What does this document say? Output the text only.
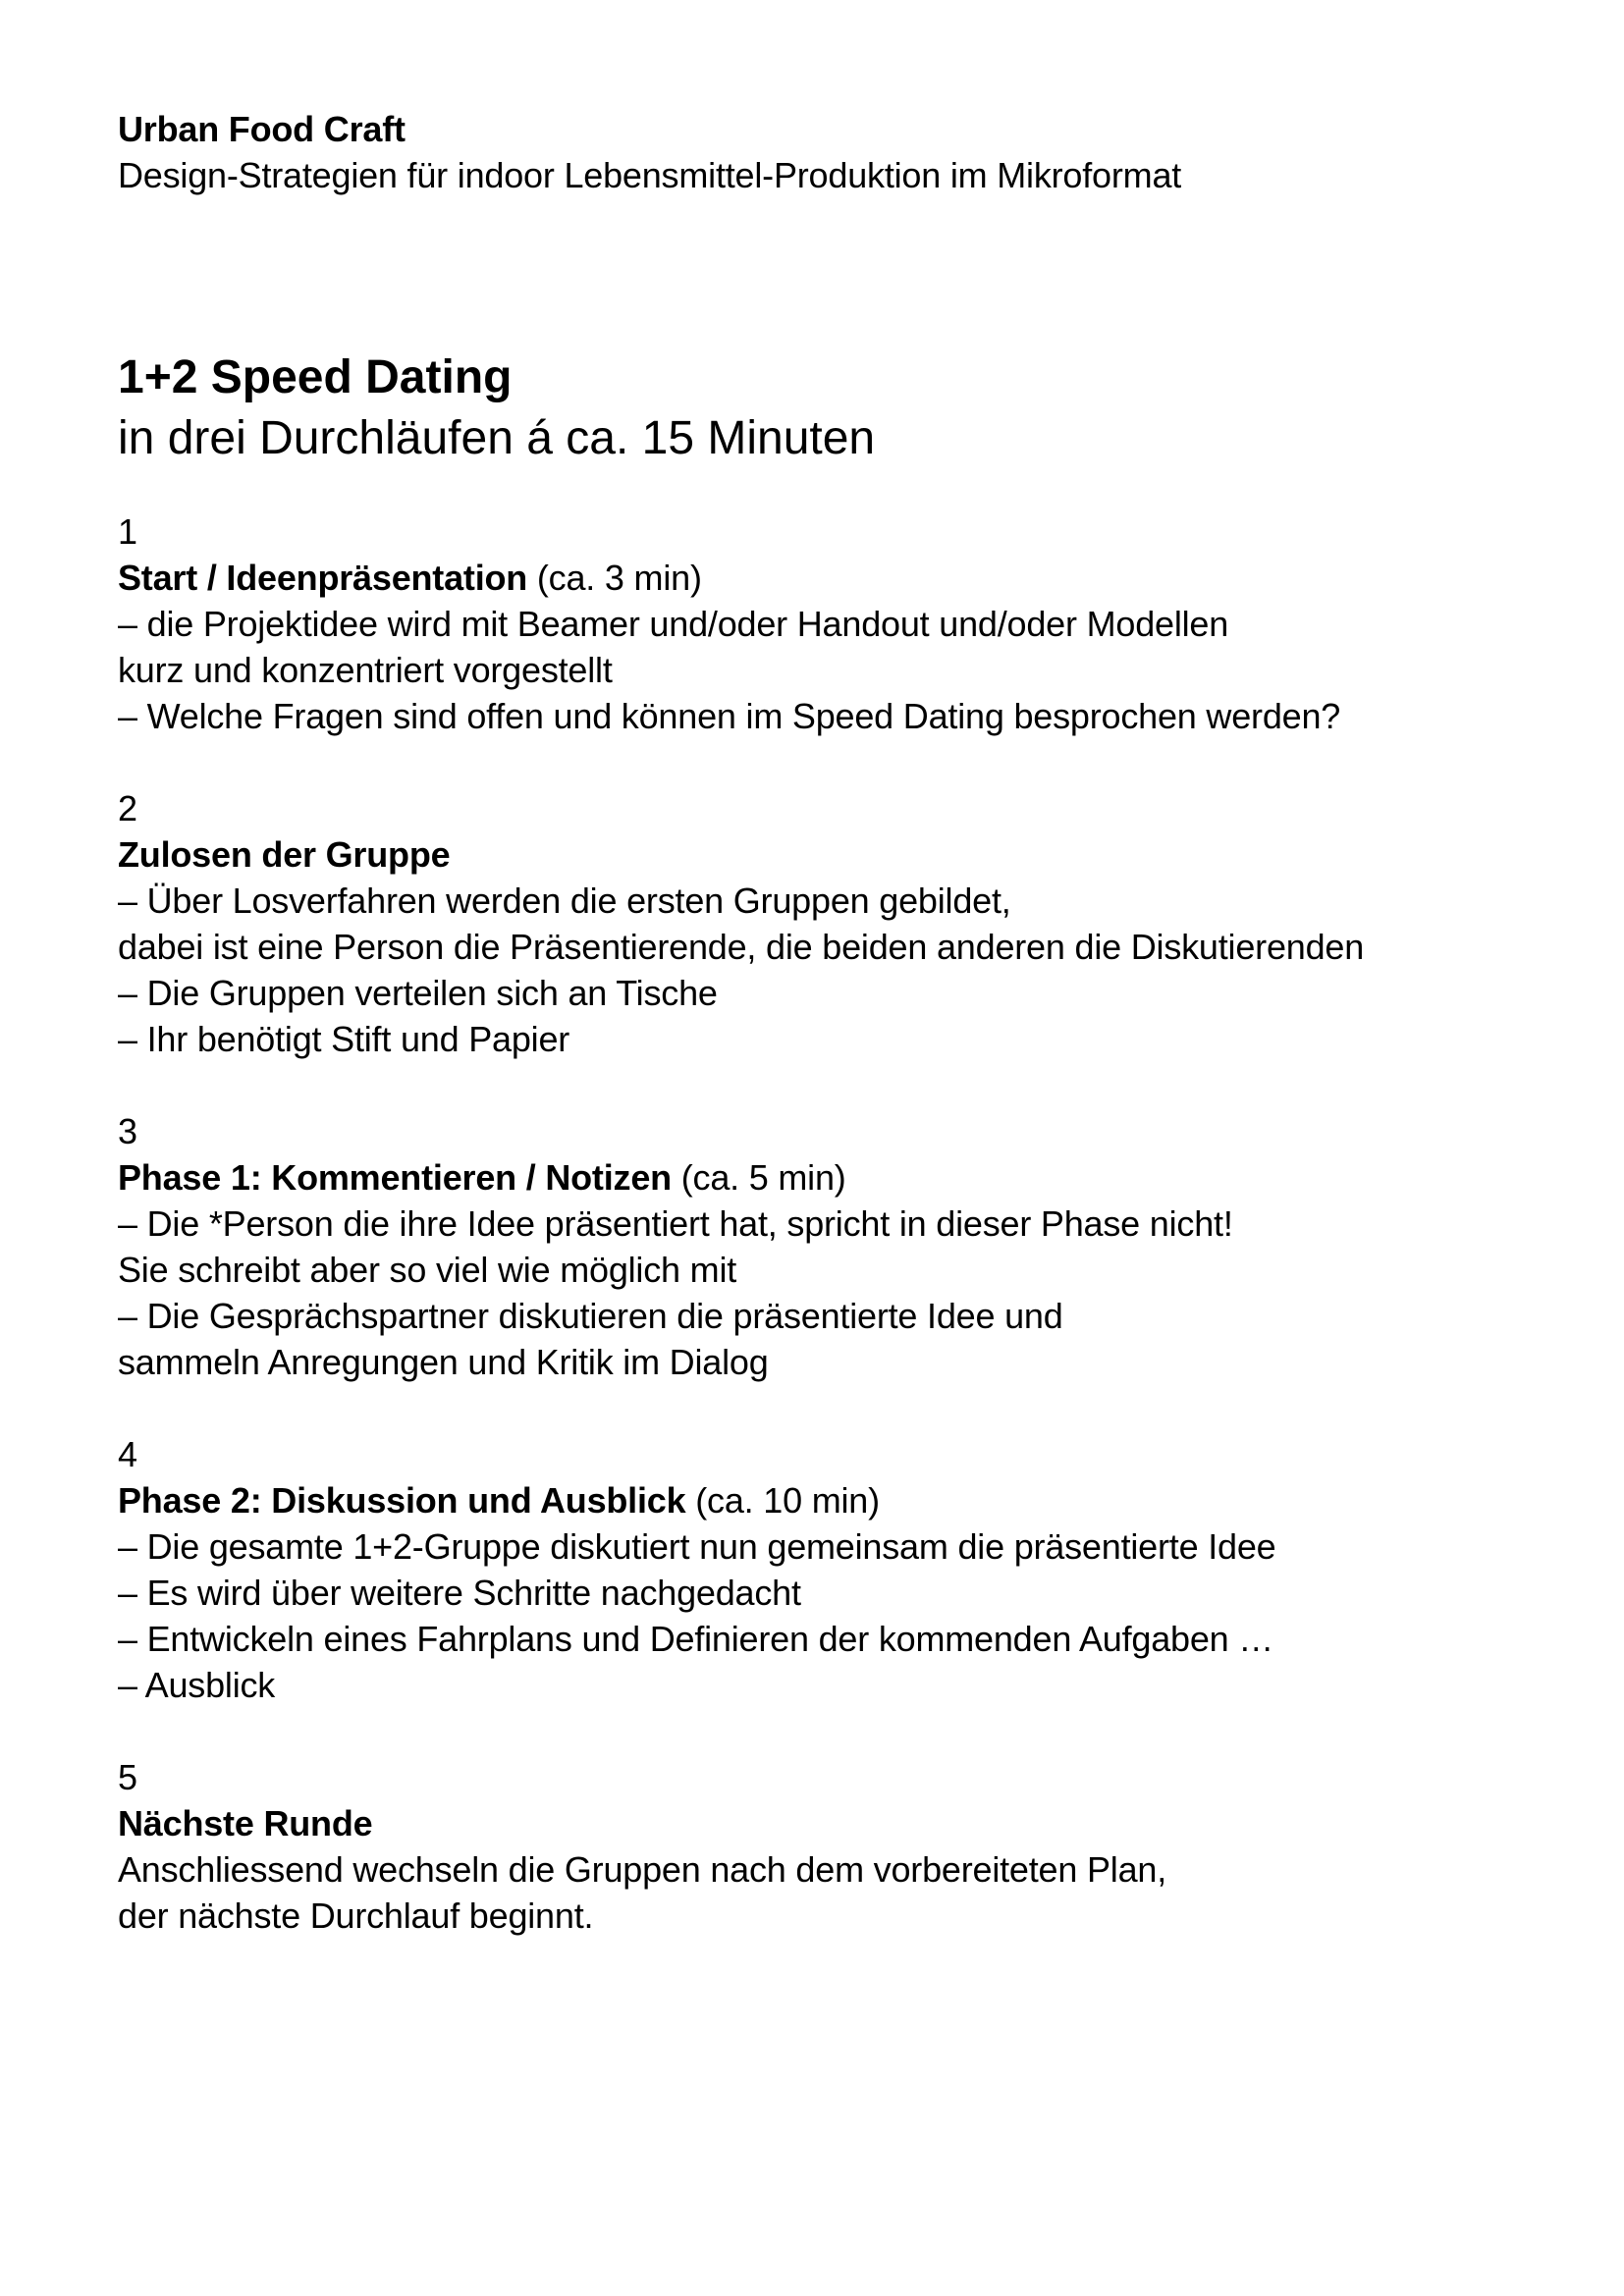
Urban Food Craft
Design-Strategien für indoor Lebensmittel-Produktion im Mikroformat
1+2 Speed Dating
in drei Durchläufen á ca. 15 Minuten
1
Start / Ideenpräsentation (ca. 3 min)
– die Projektidee wird mit Beamer und/oder Handout und/oder Modellen
kurz und konzentriert vorgestellt
– Welche Fragen sind offen und können im Speed Dating besprochen werden?
2
Zulosen der Gruppe
– Über Losverfahren werden die ersten Gruppen gebildet,
dabei ist eine Person die Präsentierende, die beiden anderen die Diskutierenden
– Die Gruppen verteilen sich an Tische
– Ihr benötigt Stift und Papier
3
Phase 1: Kommentieren / Notizen (ca. 5 min)
– Die *Person die ihre Idee präsentiert hat, spricht in dieser Phase nicht!
Sie schreibt aber so viel wie möglich mit
– Die Gesprächspartner diskutieren die präsentierte Idee und
sammeln Anregungen und Kritik im Dialog
4
Phase 2: Diskussion und Ausblick (ca. 10 min)
– Die gesamte 1+2-Gruppe diskutiert nun gemeinsam die präsentierte Idee
– Es wird über weitere Schritte nachgedacht
– Entwickeln eines Fahrplans und Definieren der kommenden Aufgaben …
– Ausblick
5
Nächste Runde
Anschliessend wechseln die Gruppen nach dem vorbereiteten Plan,
der nächste Durchlauf beginnt.
